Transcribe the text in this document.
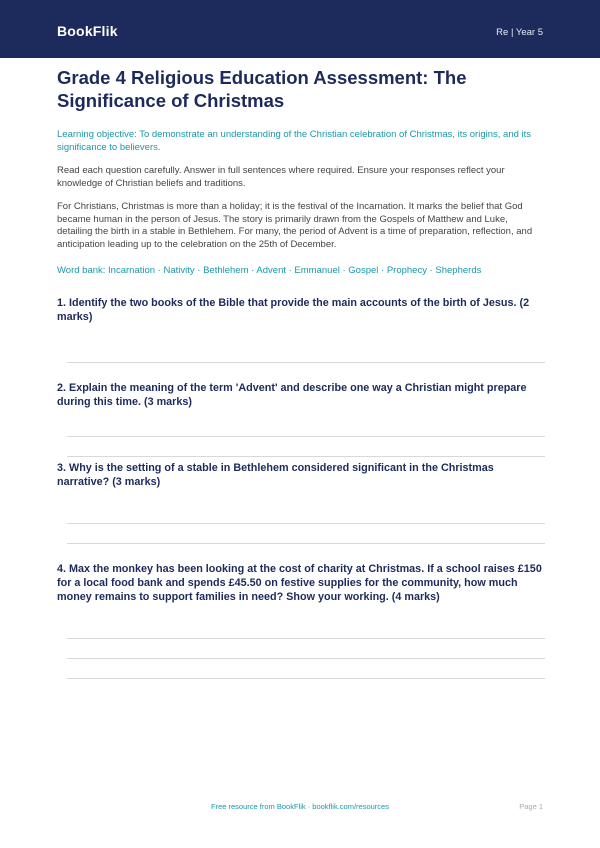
BookFlik	Re | Year 5
Grade 4 Religious Education Assessment: The Significance of Christmas

Learning objective: To demonstrate an understanding of the Christian celebration of Christmas, its origins, and its significance to believers.

Read each question carefully. Answer in full sentences where required. Ensure your responses reflect your knowledge of Christian beliefs and traditions.

For Christians, Christmas is more than a holiday; it is the festival of the Incarnation. It marks the belief that God became human in the person of Jesus. The story is primarily drawn from the Gospels of Matthew and Luke, detailing the birth in a stable in Bethlehem. For many, the period of Advent is a time of preparation, reflection, and anticipation leading up to the celebration on the 25th of December.

Word bank: Incarnation · Nativity · Bethlehem · Advent · Emmanuel · Gospel · Prophecy · Shepherds

1. Identify the two books of the Bible that provide the main accounts of the birth of Jesus. (2 marks)

2. Explain the meaning of the term 'Advent' and describe one way a Christian might prepare during this time. (3 marks)

3. Why is the setting of a stable in Bethlehem considered significant in the Christmas narrative? (3 marks)

4. Max the monkey has been looking at the cost of charity at Christmas. If a school raises £150 for a local food bank and spends £45.50 on festive supplies for the community, how much money remains to support families in need? Show your working. (4 marks)

Free resource from BookFlik · bookflik.com/resources	Page 1
